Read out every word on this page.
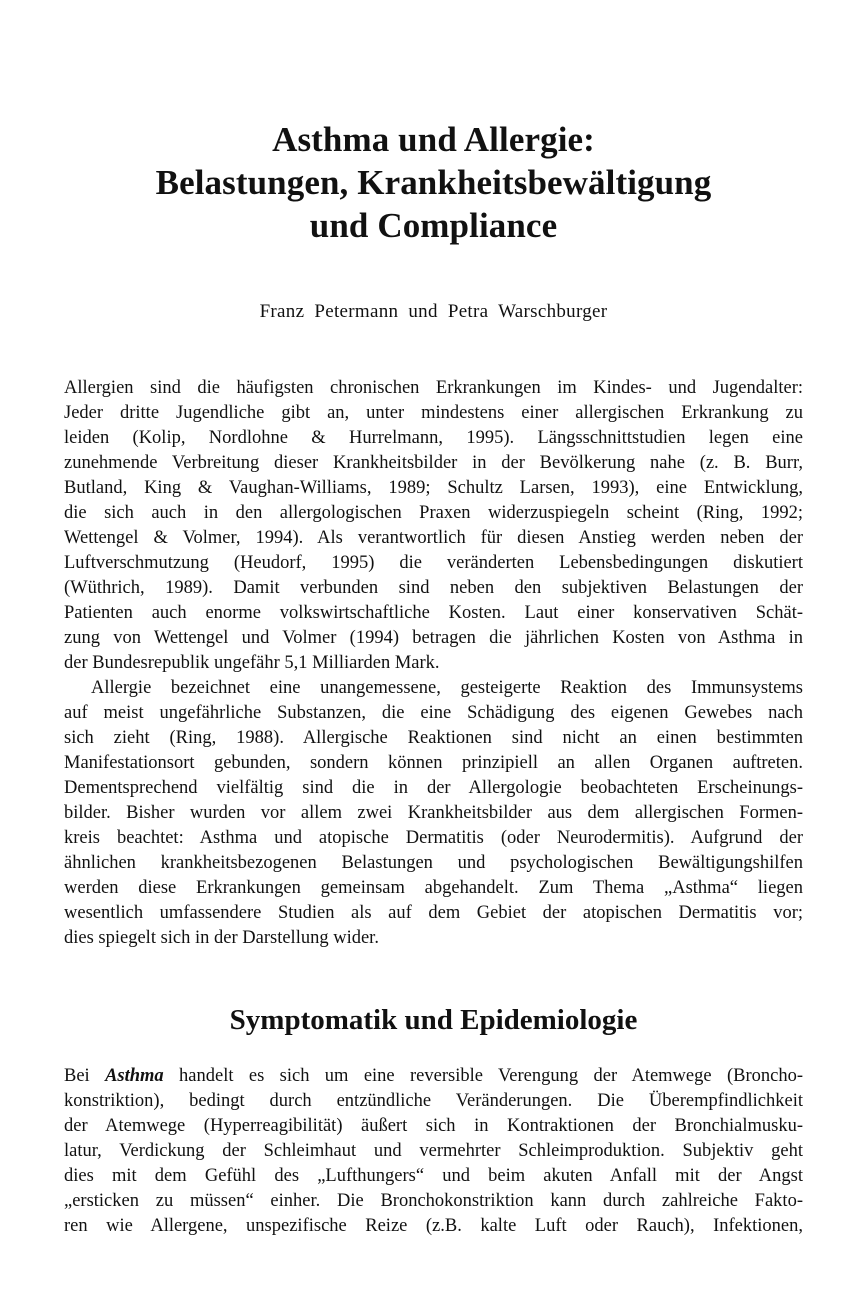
Asthma und Allergie:
Belastungen, Krankheitsbewältigung
und Compliance
Franz Petermann und Petra Warschburger
Allergien sind die häufigsten chronischen Erkrankungen im Kindes- und Jugendalter:
Jeder dritte Jugendliche gibt an, unter mindestens einer allergischen Erkrankung zu
leiden (Kolip, Nordlohne & Hurrelmann, 1995). Längsschnittstudien legen eine
zunehmende Verbreitung dieser Krankheitsbilder in der Bevölkerung nahe (z. B. Burr,
Butland, King & Vaughan-Williams, 1989; Schultz Larsen, 1993), eine Entwicklung,
die sich auch in den allergologischen Praxen widerzuspiegeln scheint (Ring, 1992;
Wettengel & Volmer, 1994). Als verantwortlich für diesen Anstieg werden neben der
Luftverschmutzung (Heudorf, 1995) die veränderten Lebensbedingungen diskutiert
(Wüthrich, 1989). Damit verbunden sind neben den subjektiven Belastungen der
Patienten auch enorme volkswirtschaftliche Kosten. Laut einer konservativen Schät-
zung von Wettengel und Volmer (1994) betragen die jährlichen Kosten von Asthma in
der Bundesrepublik ungefähr 5,1 Milliarden Mark.
Allergie bezeichnet eine unangemessene, gesteigerte Reaktion des Immunsystems
auf meist ungefährliche Substanzen, die eine Schädigung des eigenen Gewebes nach
sich zieht (Ring, 1988). Allergische Reaktionen sind nicht an einen bestimmten
Manifestationsort gebunden, sondern können prinzipiell an allen Organen auftreten.
Dementsprechend vielfältig sind die in der Allergologie beobachteten Erscheinungs-
bilder. Bisher wurden vor allem zwei Krankheitsbilder aus dem allergischen Formen-
kreis beachtet: Asthma und atopische Dermatitis (oder Neurodermitis). Aufgrund der
ähnlichen krankheitsbezogenen Belastungen und psychologischen Bewältigungshilfen
werden diese Erkrankungen gemeinsam abgehandelt. Zum Thema „Asthma“ liegen
wesentlich umfassendere Studien als auf dem Gebiet der atopischen Dermatitis vor;
dies spiegelt sich in der Darstellung wider.
Symptomatik und Epidemiologie
Bei Asthma handelt es sich um eine reversible Verengung der Atemwege (Broncho-
konstriktion), bedingt durch entzündliche Veränderungen. Die Überempfindlichkeit
der Atemwege (Hyperreagibilität) äußert sich in Kontraktionen der Bronchialmusku-
latur, Verdickung der Schleimhaut und vermehrter Schleimproduktion. Subjektiv geht
dies mit dem Gefühl des „Lufthungers“ und beim akuten Anfall mit der Angst
„ersticken zu müssen“ einher. Die Bronchokonstriktion kann durch zahlreiche Fakto-
ren wie Allergene, unspezifische Reize (z.B. kalte Luft oder Rauch), Infektionen,
